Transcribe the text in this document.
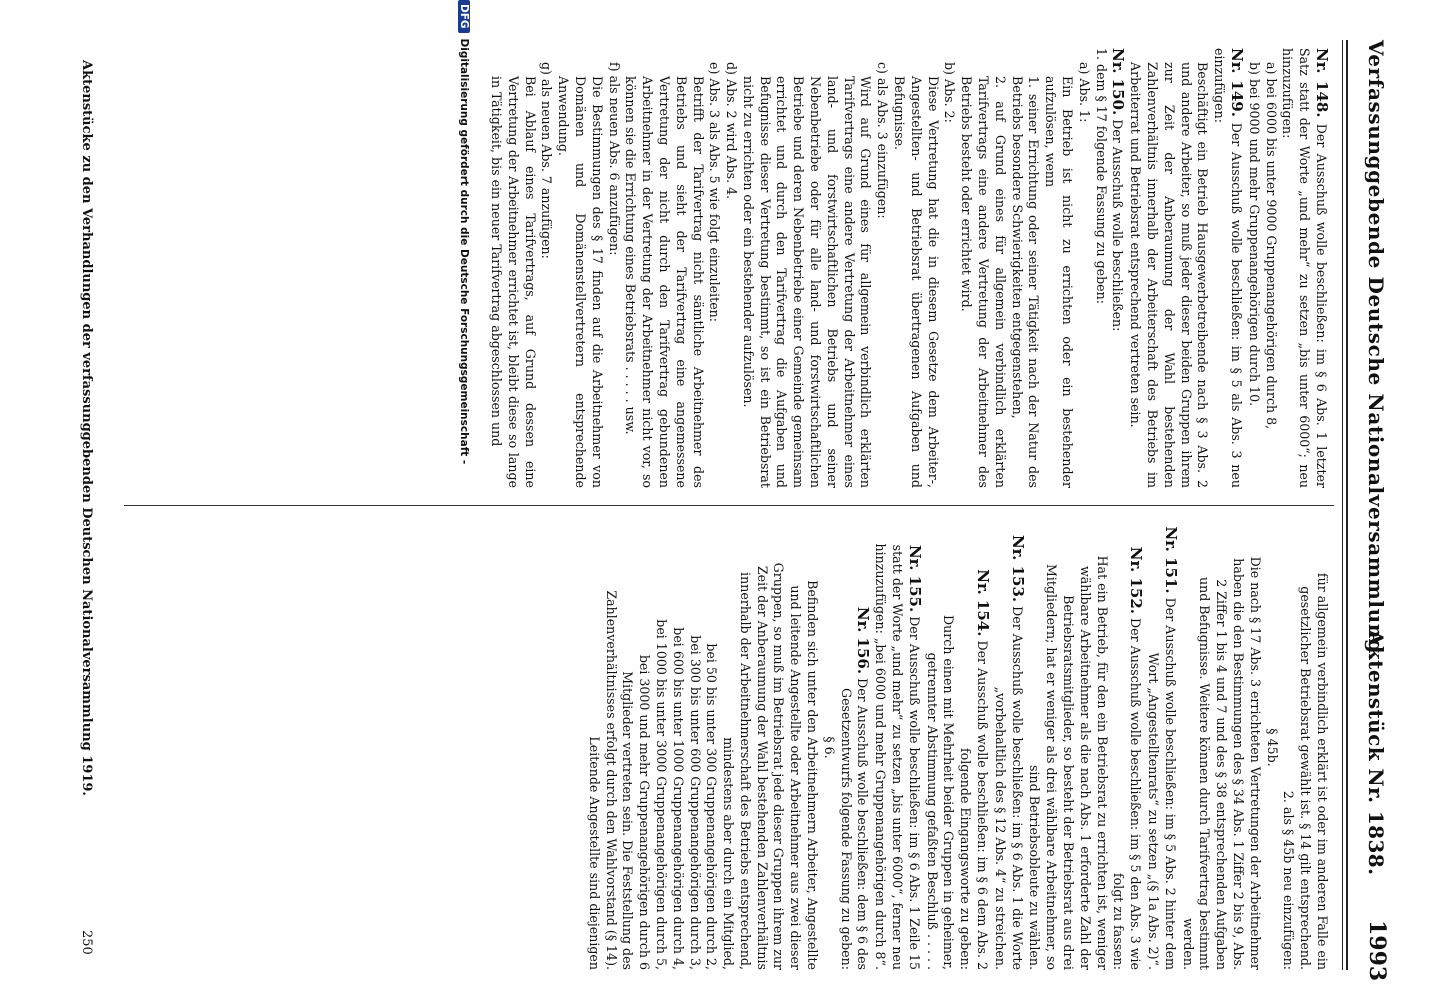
Verfassunggebende Deutsche Nationalversammlung.
Aktenstück Nr. 1838.
1993
Nr. 148. Der Ausschuß wolle beschließen: im § 6 Abs. 1 letzter Satz statt der Worte „und mehr“ zu setzen „bis unter 6000“; neu hinzuzufügen:
a) bei 6000 bis unter 9000 Gruppenangehörigen durch 8,
b) bei 9000 und mehr Gruppenangehörigen durch 10.
Nr. 149. Der Ausschuß wolle beschließen: im § 5 als Abs. 3 neu einzufügen:
Beschäftigt ein Betrieb Hausgewerbetreibende nach § 3 Abs. 2 und andere Arbeiter, so muß jeder dieser beiden Gruppen ihrem zur Zeit der Anberaumung der Wahl bestehenden Zahlenverhältnis innerhalb der Arbeiterschaft des Betriebs im Arbeiterrat und Betriebsrat entsprechend vertreten sein.
Nr. 150. Der Ausschuß wolle beschließen:
1. dem § 17 folgende Fassung zu geben:
a) Abs. 1:
Ein Betrieb ist nicht zu errichten oder ein bestehender aufzulösen, wenn
1. seiner Errichtung oder seiner Tätigkeit nach der Natur des Betriebs besondere Schwierigkeiten entgegenstehen,
2. auf Grund eines für allgemein verbindlich erklärten Tarifvertrags eine andere Vertretung der Arbeitnehmer des Betriebs besteht oder errichtet wird.
b) Abs. 2:
Diese Vertretung hat die in diesem Gesetze dem Arbeiter-, Angestellten- und Betriebsrat übertragenen Aufgaben und Befugnisse.
c) als Abs. 3 einzufügen:
Wird auf Grund eines für allgemein verbindlich erklärten Tarifvertrags eine andere Vertretung der Arbeitnehmer eines land- und forstwirtschaftlichen Betriebs und seiner Nebenbetriebe oder für alle land- und forstwirtschaftlichen Betriebe und deren Nebenbetriebe einer Gemeinde gemeinsam errichtet und durch den Tarifvertrag die Aufgaben und Befugnisse dieser Vertretung bestimmt, so ist ein Betriebsrat nicht zu errichten oder ein bestehender aufzulösen.
d) Abs. 2 wird Abs. 4.
e) Abs. 3 als Abs. 5 wie folgt einzuleiten:
Betrifft der Tarifvertrag nicht sämtliche Arbeitnehmer des Betriebs und sieht der Tarifvertrag eine angemessene Vertretung der nicht durch den Tarifvertrag gebundenen Arbeitnehmer in der Vertretung der Arbeitnehmer nicht vor, so können sie die Errichtung eines Betriebsrats . . . . . usw.
f) als neuen Abs. 6 anzufügen:
Die Bestimmungen des § 17 finden auf die Arbeitnehmer von Domänen und Domänenstellvertretern entsprechende Anwendung.
g) als neuen Abs. 7 anzufügen:
Bei Ablauf eines Tarifvertrags, auf Grund dessen eine Vertretung der Arbeitnehmer errichtet ist, bleibt diese so lange in Tätigkeit, bis ein neuer Tarifvertrag abgeschlossen und
für allgemein verbindlich erklärt ist oder im anderen Falle ein gesetzlicher Betriebsrat gewählt ist. § 14 gilt entsprechend.
2. als § 45b neu einzufügen:
§ 45b.
Die nach § 17 Abs. 3 errichteten Vertretungen der Arbeitnehmer haben die den Bestimmungen des § 34 Abs. 1 Ziffer 2 bis 9, Abs. 2 Ziffer 1 bis 4 und 7 und des § 38 entsprechenden Aufgaben und Befugnisse. Weitere können durch Tarifvertrag bestimmt werden.
Nr. 151. Der Ausschuß wolle beschließen: im § 5 Abs. 2 hinter dem Wort „Angestelltenrats“ zu setzen „(§ 1a Abs. 2)“.
Nr. 152. Der Ausschuß wolle beschließen: im § 5 den Abs. 3 wie folgt zu fassen:
Hat ein Betrieb, für den ein Betriebsrat zu errichten ist, weniger wählbare Arbeitnehmer als die nach Abs. 1 erforderte Zahl der Betriebsratsmitglieder, so besteht der Betriebsrat aus drei Mitgliedern; hat er weniger als drei wählbare Arbeitnehmer, so sind Betriebsobleute zu wählen.
Nr. 153. Der Ausschuß wolle beschließen: im § 6 Abs. 1 die Worte „vorbehaltlich des § 12 Abs. 4“ zu streichen.
Nr. 154. Der Ausschuß wolle beschließen: im § 6 dem Abs. 2 folgende Eingangsworte zu geben:
Durch einen mit Mehrheit beider Gruppen in geheimer, getrennter Abstimmung gefaßten Beschluß . . . . .
Nr. 155. Der Ausschuß wolle beschließen: im § 6 Abs. 1 Zeile 15 statt der Worte „und mehr“ zu setzen „bis unter 6000“, ferner neu hinzuzufügen: „bei 6000 und mehr Gruppenangehörigen durch 8“.
Nr. 156. Der Ausschuß wolle beschließen: dem § 6 des Gesetzentwurfs folgende Fassung zu geben:
§ 6.
Befinden sich unter den Arbeitnehmern Arbeiter, Angestellte und leitende Angestellte oder Arbeitnehmer aus zwei dieser Gruppen, so muß im Betriebsrat jede dieser Gruppen ihrem zur Zeit der Anberaumung der Wahl bestehenden Zahlenverhältnis innerhalb der Arbeitnehmerschaft des Betriebs entsprechend, mindestens aber durch ein Mitglied,
bei 50 bis unter 300 Gruppenangehörigen durch 2,
bei 300 bis unter 600 Gruppenangehörigen durch 3,
bei 600 bis unter 1000 Gruppenangehörigen durch 4,
bei 1000 bis unter 3000 Gruppenangehörigen durch 5,
bei 3000 und mehr Gruppenangehörigen durch 6
Mitglieder vertreten sein. Die Feststellung des Zahlenverhältnisses erfolgt durch den Wahlvorstand (§ 14). Leitende Angestellte sind diejenigen
Aktenstücke zu den Verhandlungen der verfassunggebenden Deutschen Nationalversammlung 1919.
250
DFGDigitalisierung gefördert durch die Deutsche Forschungsgemeinschaft -
